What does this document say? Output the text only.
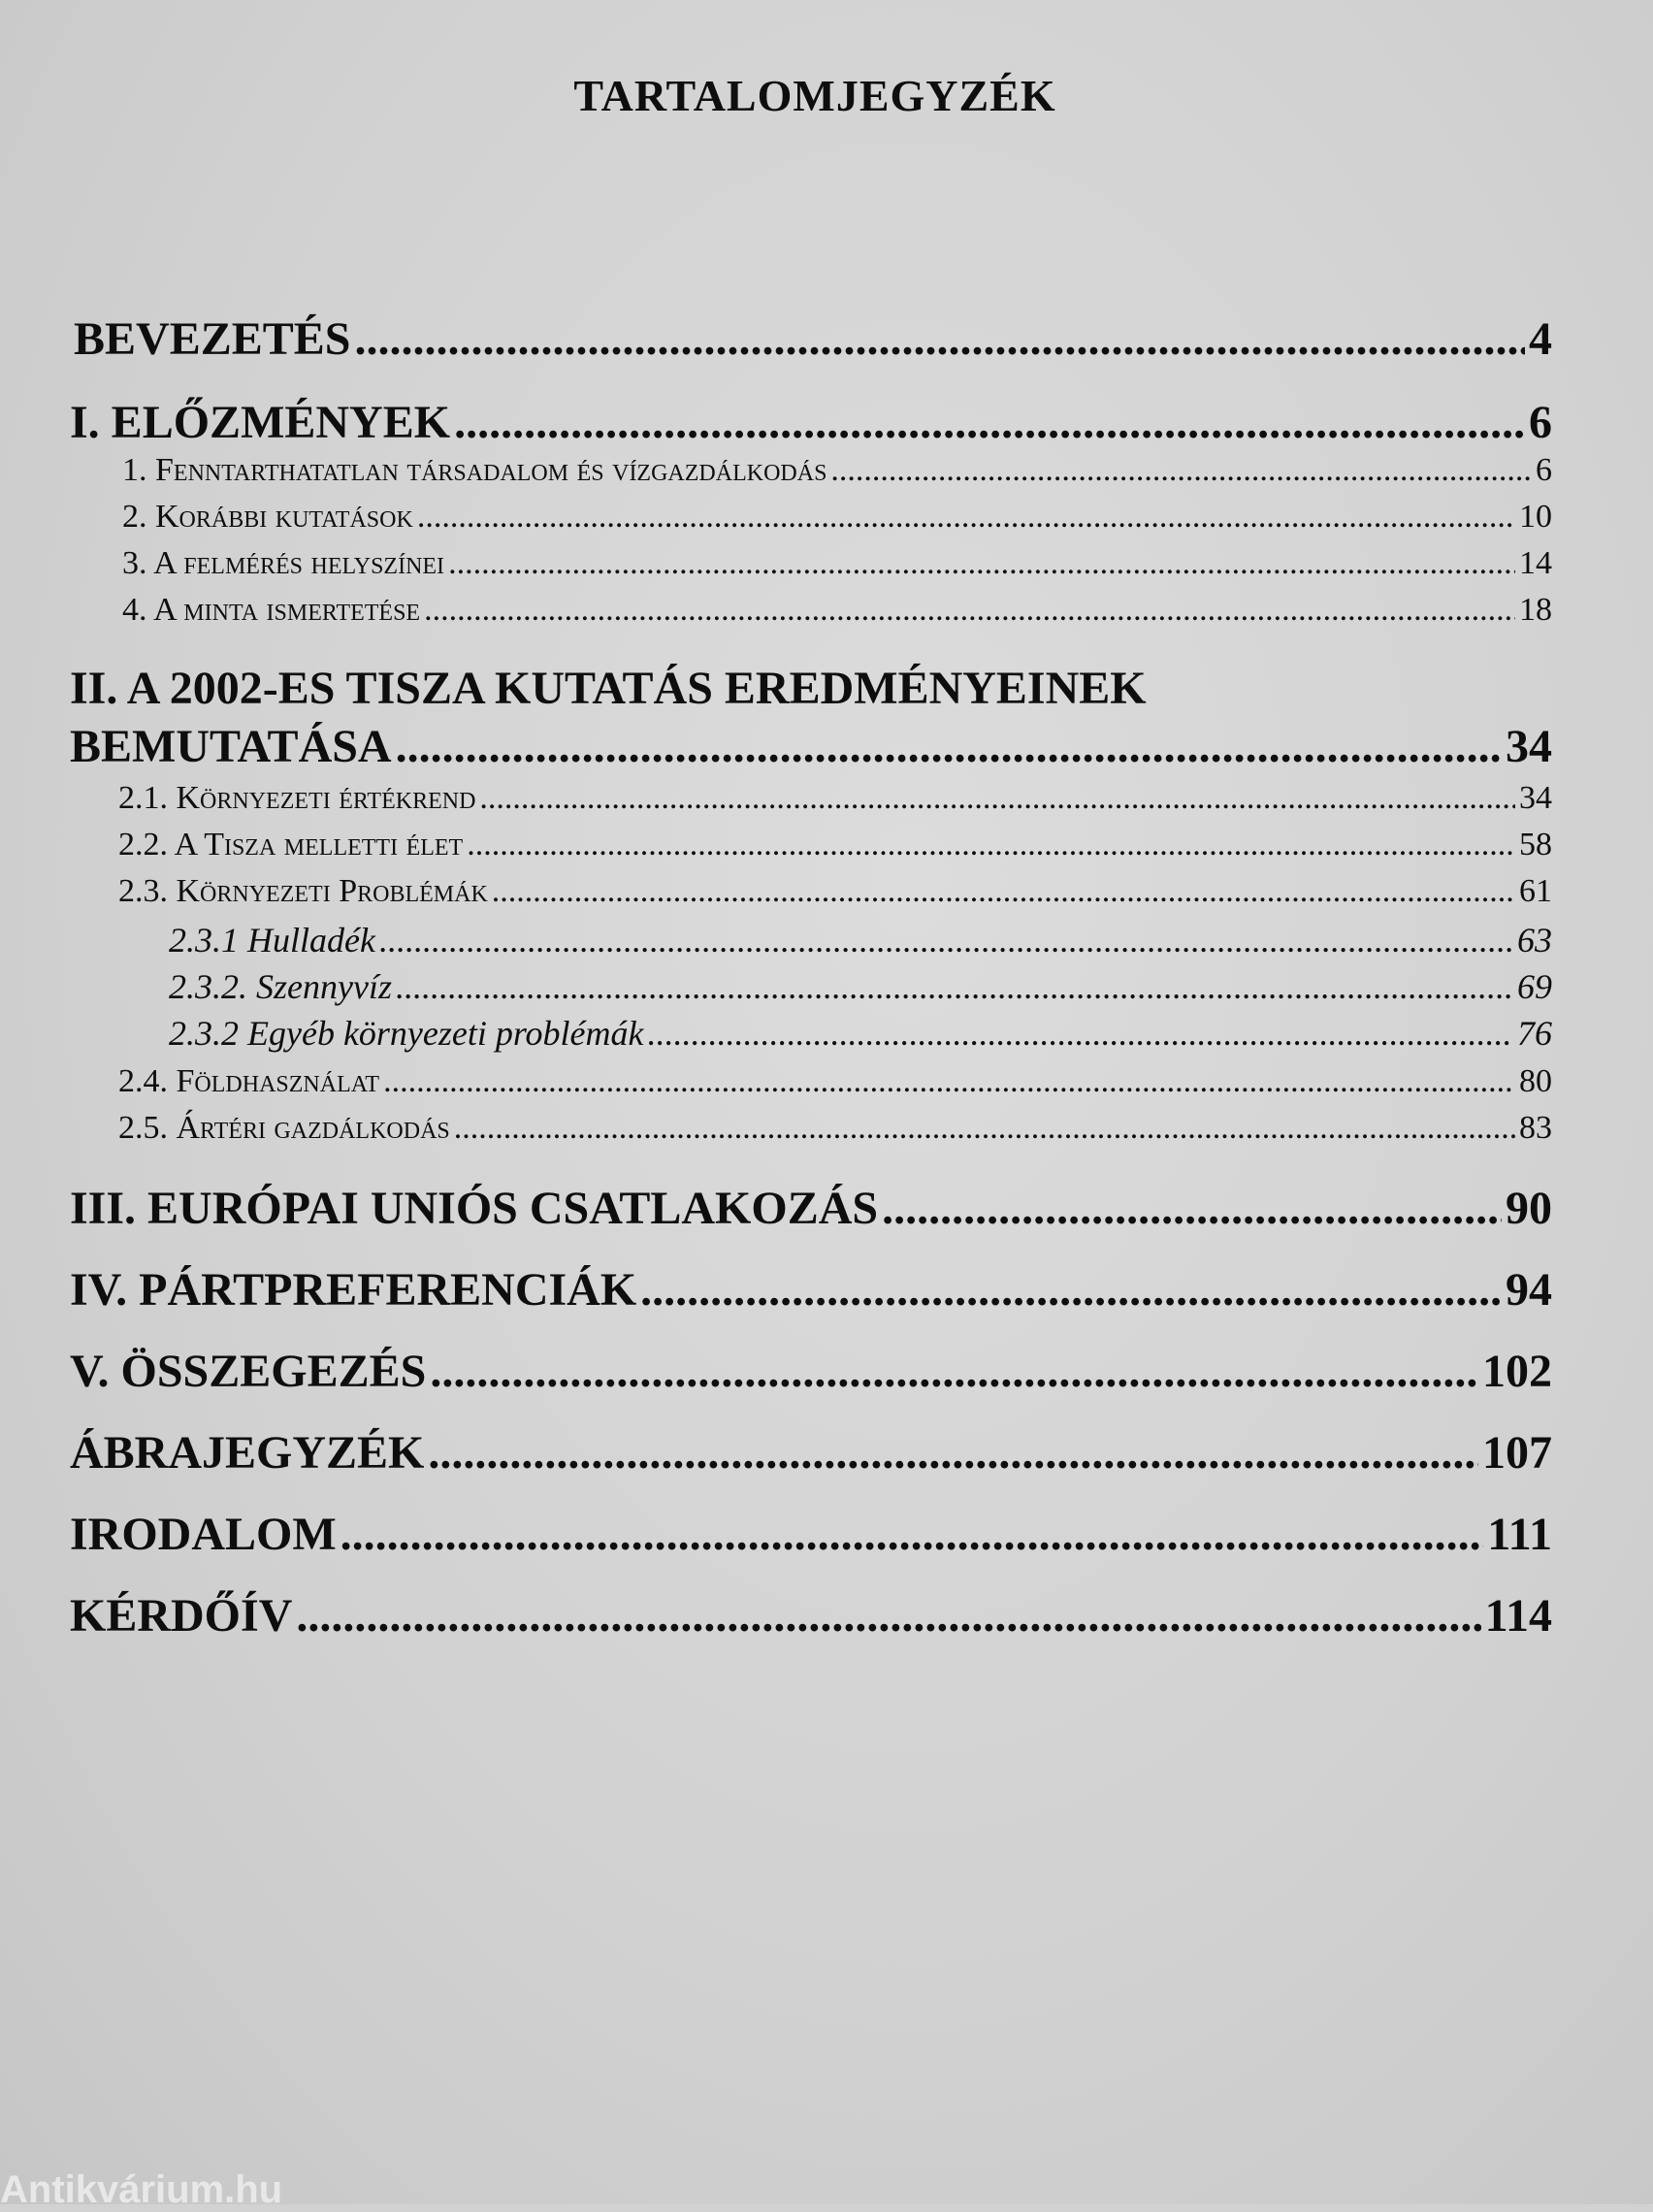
TARTALOMJEGYZÉK
BEVEZETÉS .....	4
I. ELŐZMÉNYEK .....	6
1. Fenntarthatatlan társadalom és vízgazdálkodás .....	6
2. Korábbi kutatások .....	10
3. A felmérés helyszínei .....	14
4. A minta ismertetése .....	18
II. A 2002-ES TISZA KUTATÁS EREDMÉNYEINEK
BEMUTATÁSA .....	34
2.1. Környezeti értékrend .....	34
2.2. A Tisza melletti élet .....	58
2.3. Környezeti Problémák .....	61
2.3.1 Hulladék .....	63
2.3.2. Szennyvíz .....	69
2.3.2 Egyéb környezeti problémák .....	76
2.4. Földhasználat .....	80
2.5. Ártéri gazdálkodás .....	83
III. EURÓPAI UNIÓS CSATLAKOZÁS .....	90
IV. PÁRTPREFERENCIÁK .....	94
V. ÖSSZEGEZÉS .....	102
ÁBRAJEGYZÉK .....	107
IRODALOM .....	111
KÉRDŐÍV .....	114
Antikvárium.hu
